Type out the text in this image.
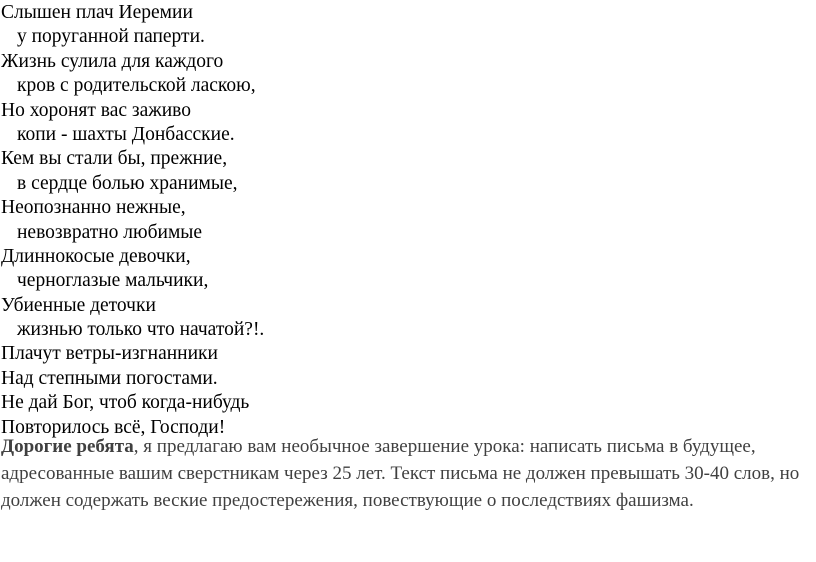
Слышен плач Иеремии
у поруганной паперти.
Жизнь сулила для каждого
кров с родительской ласкою,
Но хоронят вас заживо
копи - шахты Донбасские.
Кем вы стали бы, прежние,
в сердце болью хранимые,
Неопознанно нежные,
невозвратно любимые
Длиннокосые девочки,
черноглазые мальчики,
Убиенные деточки
жизнью только что начатой?!.
Плачут ветры-изгнанники
Над степными погостами.
Не дай Бог, чтоб когда-нибудь
Повторилось всё, Господи!

Дорогие ребята, я предлагаю вам необычное завершение урока: написать письма в будущее, адресованные вашим сверстникам через 25 лет. Текст письма не должен превышать 30-40 слов, но должен содержать веские предостережения, повествующие о последствиях фашизма.
